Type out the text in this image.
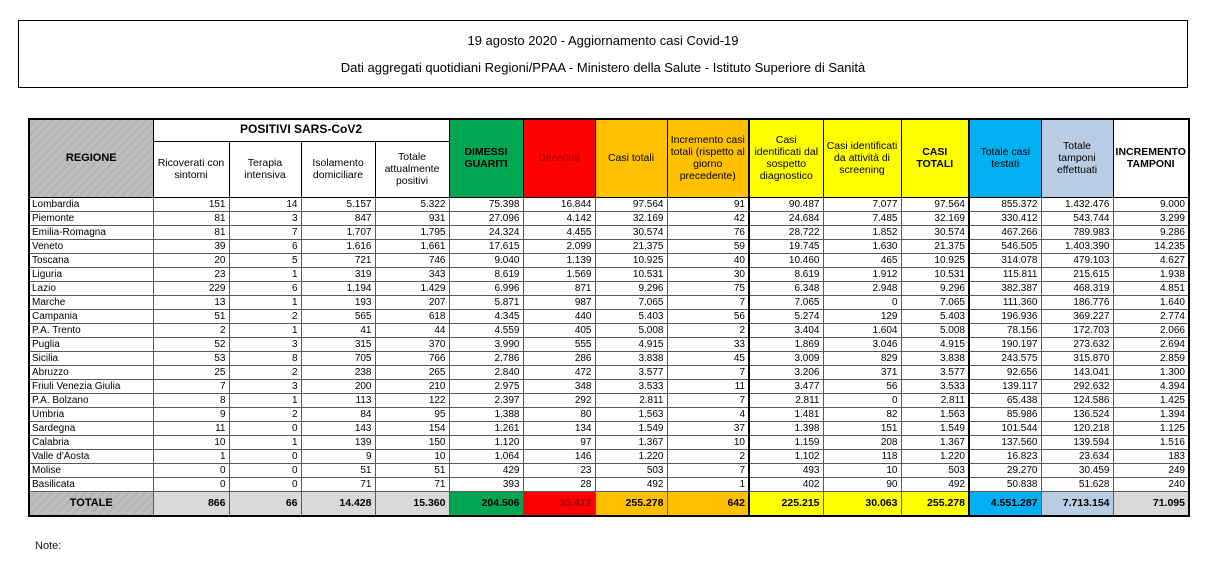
19 agosto 2020 - Aggiornamento casi Covid-19
Dati aggregati quotidiani Regioni/PPAA - Ministero della Salute - Istituto Superiore di Sanità
REGIONE	POSITIVI SARS-CoV2				DIMESSI GUARITI	Deceduti	Casi totali	Incremento casi totali (rispetto al giorno precedente)	Casi identificati dal sospetto diagnostico	Casi identificati da attività di screening	CASI TOTALI	Totale casi testati	Totale tamponi effettuati	INCREMENTO TAMPONI
	Ricoverati con sintomi	Terapia intensiva	Isolamento domiciliare	Totale attualmente positivi										
Lombardia	151	14	5.157	5.322	75.398	16.844	97.564	91	90.487	7.077	97.564	855.372	1.432.476	9.000
Piemonte	81	3	847	931	27.096	4.142	32.169	42	24.684	7.485	32.169	330.412	543.744	3.299
Emilia-Romagna	81	7	1.707	1.795	24.324	4.455	30.574	76	28.722	1.852	30.574	467.266	789.983	9.286
Veneto	39	6	1.616	1.661	17.615	2.099	21.375	59	19.745	1.630	21.375	546.505	1.403.390	14.235
Toscana	20	5	721	746	9.040	1.139	10.925	40	10.460	465	10.925	314.078	479.103	4.627
Liguria	23	1	319	343	8.619	1.569	10.531	30	8.619	1.912	10.531	115.811	215.615	1.938
Lazio	229	6	1.194	1.429	6.996	871	9.296	75	6.348	2.948	9.296	382.387	468.319	4.851
Marche	13	1	193	207	5.871	987	7.065	7	7.065	0	7.065	111.360	186.776	1.640
Campania	51	2	565	618	4.345	440	5.403	56	5.274	129	5.403	196.936	369.227	2.774
P.A. Trento	2	1	41	44	4.559	405	5.008	2	3.404	1.604	5.008	78.156	172.703	2.066
Puglia	52	3	315	370	3.990	555	4.915	33	1.869	3.046	4.915	190.197	273.632	2.694
Sicilia	53	8	705	766	2.786	286	3.838	45	3.009	829	3.838	243.575	315.870	2.859
Abruzzo	25	2	238	265	2.840	472	3.577	7	3.206	371	3.577	92.656	143.041	1.300
Friuli Venezia Giulia	7	3	200	210	2.975	348	3.533	11	3.477	56	3.533	139.117	292.632	4.394
P.A. Bolzano	8	1	113	122	2.397	292	2.811	7	2.811	0	2.811	65.438	124.586	1.425
Umbria	9	2	84	95	1.388	80	1.563	4	1.481	82	1.563	85.986	136.524	1.394
Sardegna	11	0	143	154	1.261	134	1.549	37	1.398	151	1.549	101.544	120.218	1.125
Calabria	10	1	139	150	1.120	97	1.367	10	1.159	208	1.367	137.560	139.594	1.516
Valle d'Aosta	1	0	9	10	1.064	146	1.220	2	1.102	118	1.220	16.823	23.634	183
Molise	0	0	51	51	429	23	503	7	493	10	503	29.270	30.459	249
Basilicata	0	0	71	71	393	28	492	1	402	90	492	50.838	51.628	240
TOTALE	866	66	14.428	15.360	204.506	35.412	255.278	642	225.215	30.063	255.278	4.551.287	7.713.154	71.095
Note:
